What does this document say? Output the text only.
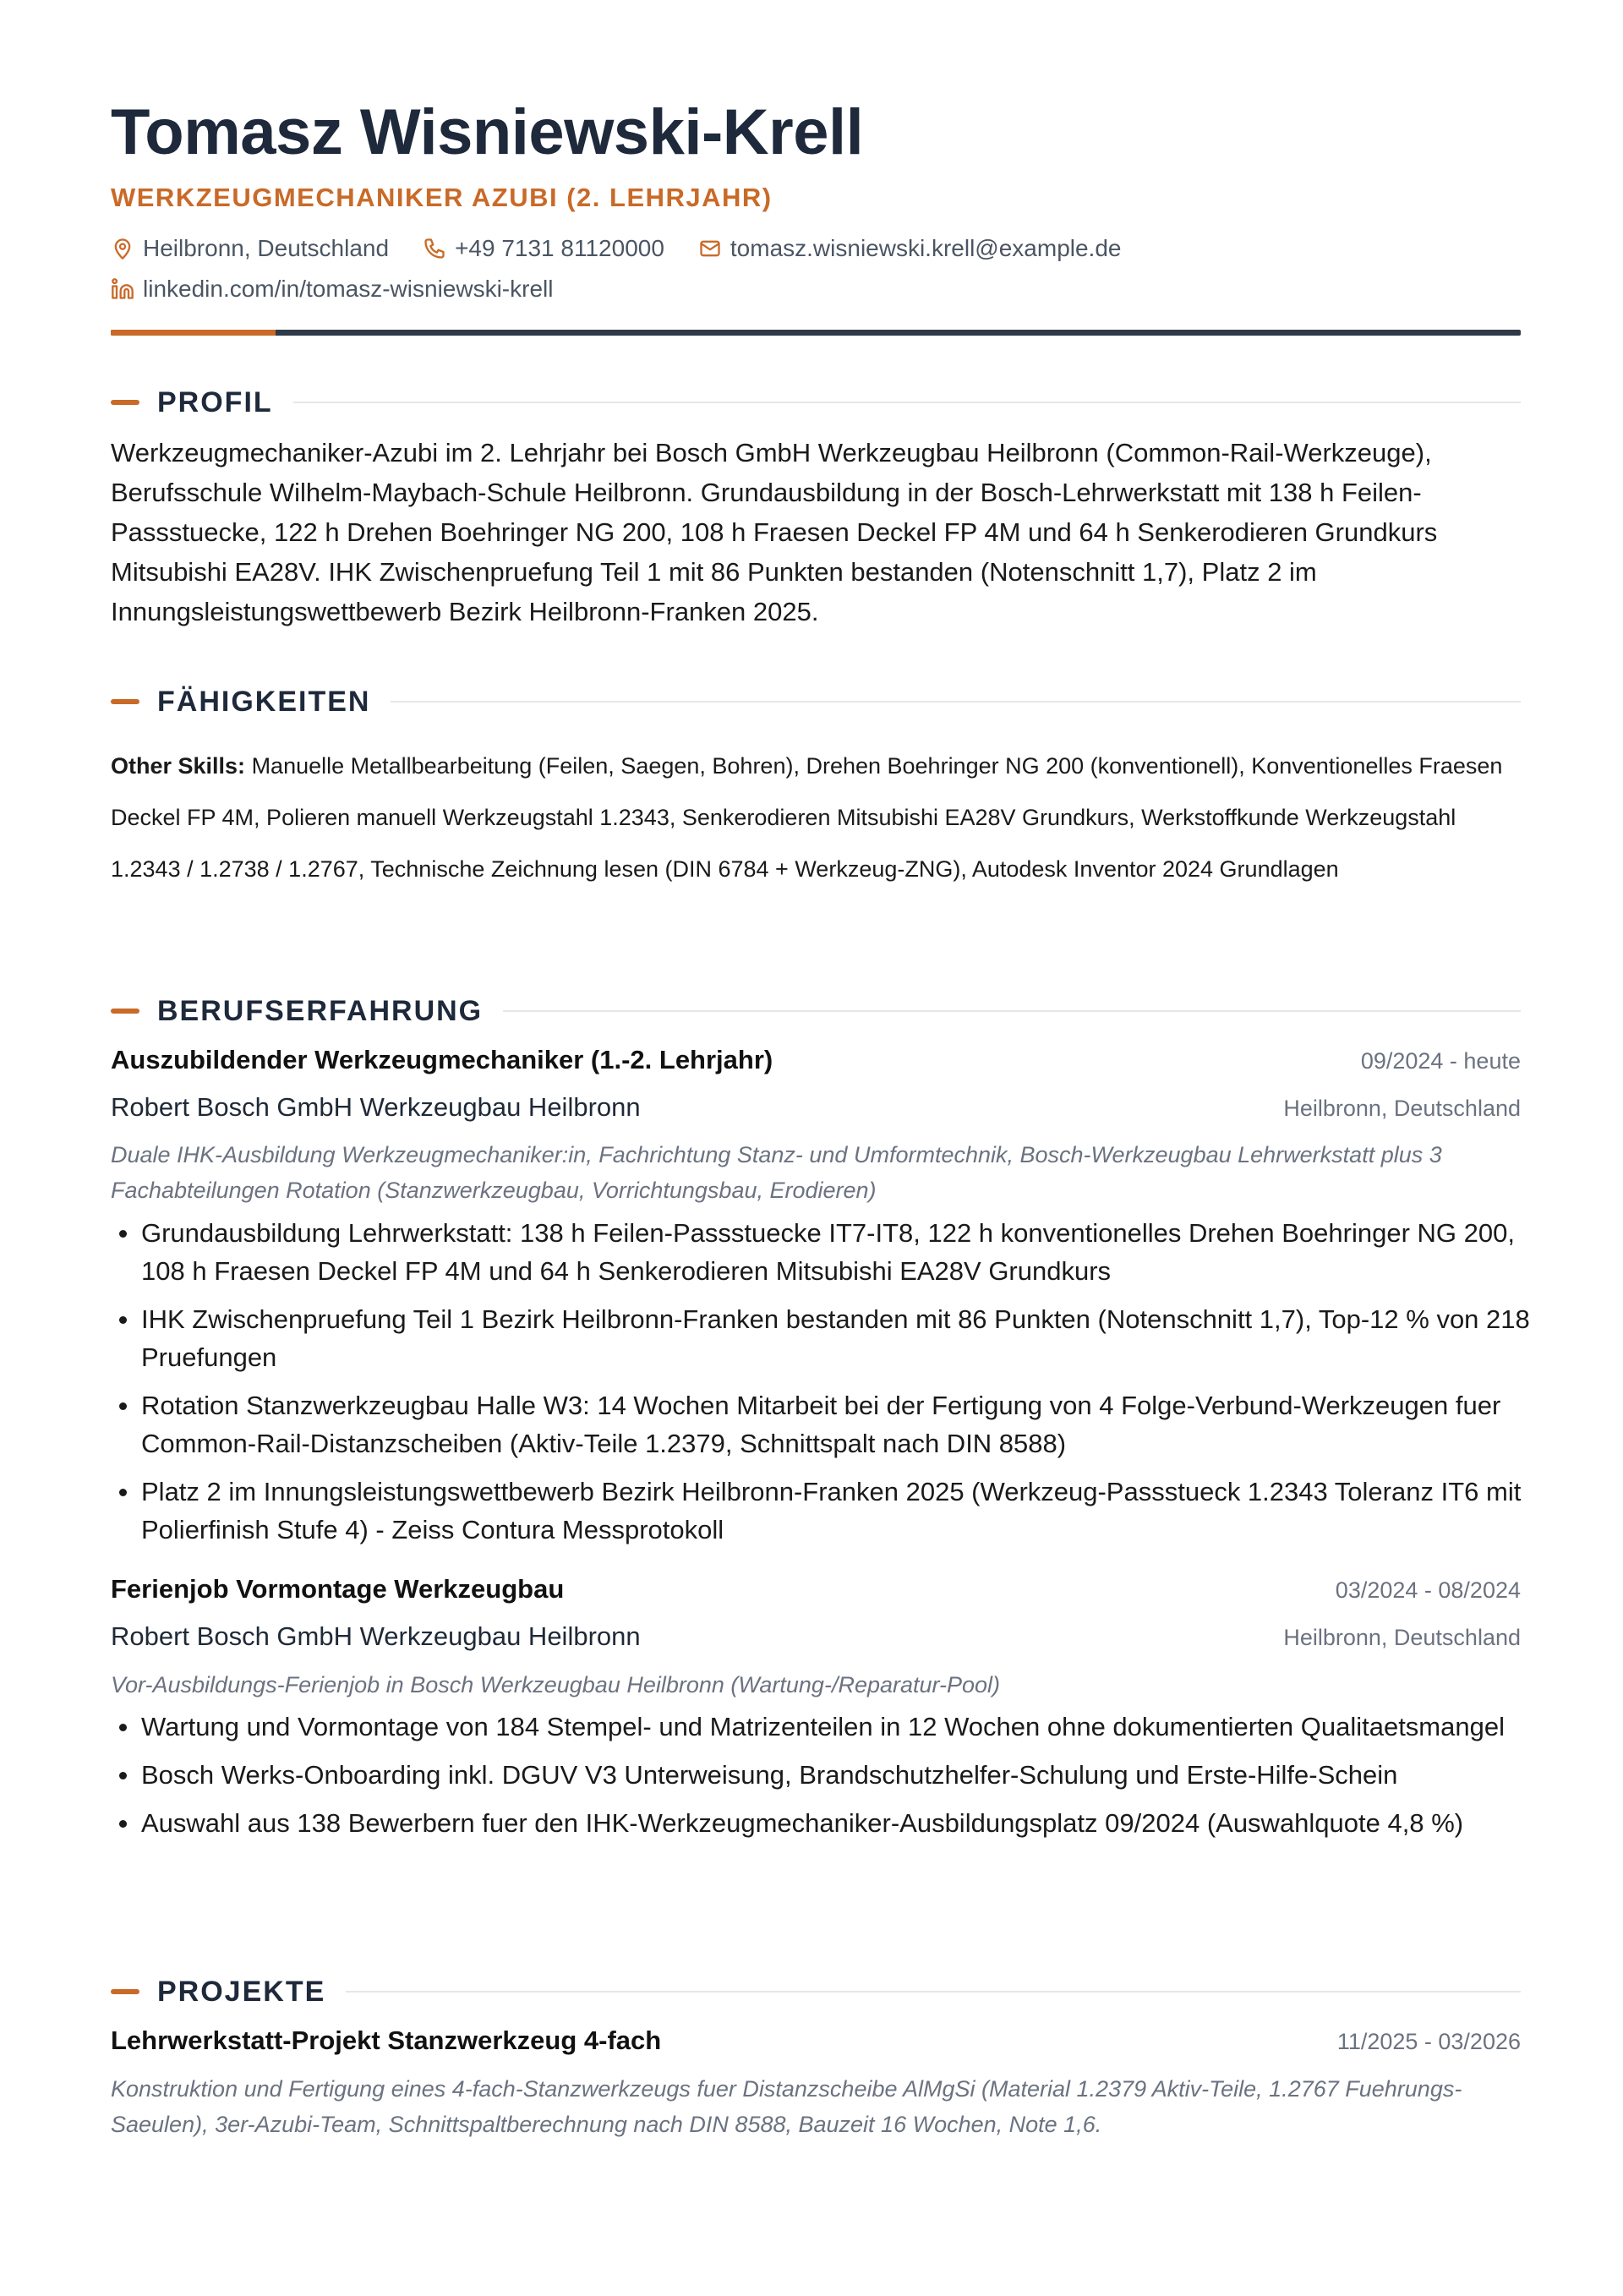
Tomasz Wisniewski-Krell
WERKZEUGMECHANIKER AZUBI (2. LEHRJAHR)
Heilbronn, Deutschland	+49 7131 81120000	tomasz.wisniewski.krell@example.de
linkedin.com/in/tomasz-wisniewski-krell
PROFIL
Werkzeugmechaniker-Azubi im 2. Lehrjahr bei Bosch GmbH Werkzeugbau Heilbronn (Common-Rail-Werkzeuge), Berufsschule Wilhelm-Maybach-Schule Heilbronn. Grundausbildung in der Bosch-Lehrwerkstatt mit 138 h Feilen-Passstuecke, 122 h Drehen Boehringer NG 200, 108 h Fraesen Deckel FP 4M und 64 h Senkerodieren Grundkurs Mitsubishi EA28V. IHK Zwischenpruefung Teil 1 mit 86 Punkten bestanden (Notenschnitt 1,7), Platz 2 im Innungsleistungswettbewerb Bezirk Heilbronn-Franken 2025.
FÄHIGKEITEN
Other Skills: Manuelle Metallbearbeitung (Feilen, Saegen, Bohren), Drehen Boehringer NG 200 (konventionell), Konventionelles Fraesen Deckel FP 4M, Polieren manuell Werkzeugstahl 1.2343, Senkerodieren Mitsubishi EA28V Grundkurs, Werkstoffkunde Werkzeugstahl 1.2343 / 1.2738 / 1.2767, Technische Zeichnung lesen (DIN 6784 + Werkzeug-ZNG), Autodesk Inventor 2024 Grundlagen
BERUFSERFAHRUNG
Auszubildender Werkzeugmechaniker (1.-2. Lehrjahr)	09/2024 - heute
Robert Bosch GmbH Werkzeugbau Heilbronn	Heilbronn, Deutschland
Duale IHK-Ausbildung Werkzeugmechaniker:in, Fachrichtung Stanz- und Umformtechnik, Bosch-Werkzeugbau Lehrwerkstatt plus 3 Fachabteilungen Rotation (Stanzwerkzeugbau, Vorrichtungsbau, Erodieren)
Grundausbildung Lehrwerkstatt: 138 h Feilen-Passstuecke IT7-IT8, 122 h konventionelles Drehen Boehringer NG 200, 108 h Fraesen Deckel FP 4M und 64 h Senkerodieren Mitsubishi EA28V Grundkurs
IHK Zwischenpruefung Teil 1 Bezirk Heilbronn-Franken bestanden mit 86 Punkten (Notenschnitt 1,7), Top-12 % von 218 Pruefungen
Rotation Stanzwerkzeugbau Halle W3: 14 Wochen Mitarbeit bei der Fertigung von 4 Folge-Verbund-Werkzeugen fuer Common-Rail-Distanzscheiben (Aktiv-Teile 1.2379, Schnittspalt nach DIN 8588)
Platz 2 im Innungsleistungswettbewerb Bezirk Heilbronn-Franken 2025 (Werkzeug-Passstueck 1.2343 Toleranz IT6 mit Polierfinish Stufe 4) - Zeiss Contura Messprotokoll
Ferienjob Vormontage Werkzeugbau	03/2024 - 08/2024
Robert Bosch GmbH Werkzeugbau Heilbronn	Heilbronn, Deutschland
Vor-Ausbildungs-Ferienjob in Bosch Werkzeugbau Heilbronn (Wartung-/Reparatur-Pool)
Wartung und Vormontage von 184 Stempel- und Matrizenteilen in 12 Wochen ohne dokumentierten Qualitaetsmangel
Bosch Werks-Onboarding inkl. DGUV V3 Unterweisung, Brandschutzhelfer-Schulung und Erste-Hilfe-Schein
Auswahl aus 138 Bewerbern fuer den IHK-Werkzeugmechaniker-Ausbildungsplatz 09/2024 (Auswahlquote 4,8 %)
PROJEKTE
Lehrwerkstatt-Projekt Stanzwerkzeug 4-fach	11/2025 - 03/2026
Konstruktion und Fertigung eines 4-fach-Stanzwerkzeugs fuer Distanzscheibe AlMgSi (Material 1.2379 Aktiv-Teile, 1.2767 Fuehrungs-Saeulen), 3er-Azubi-Team, Schnittspaltberechnung nach DIN 8588, Bauzeit 16 Wochen, Note 1,6.
